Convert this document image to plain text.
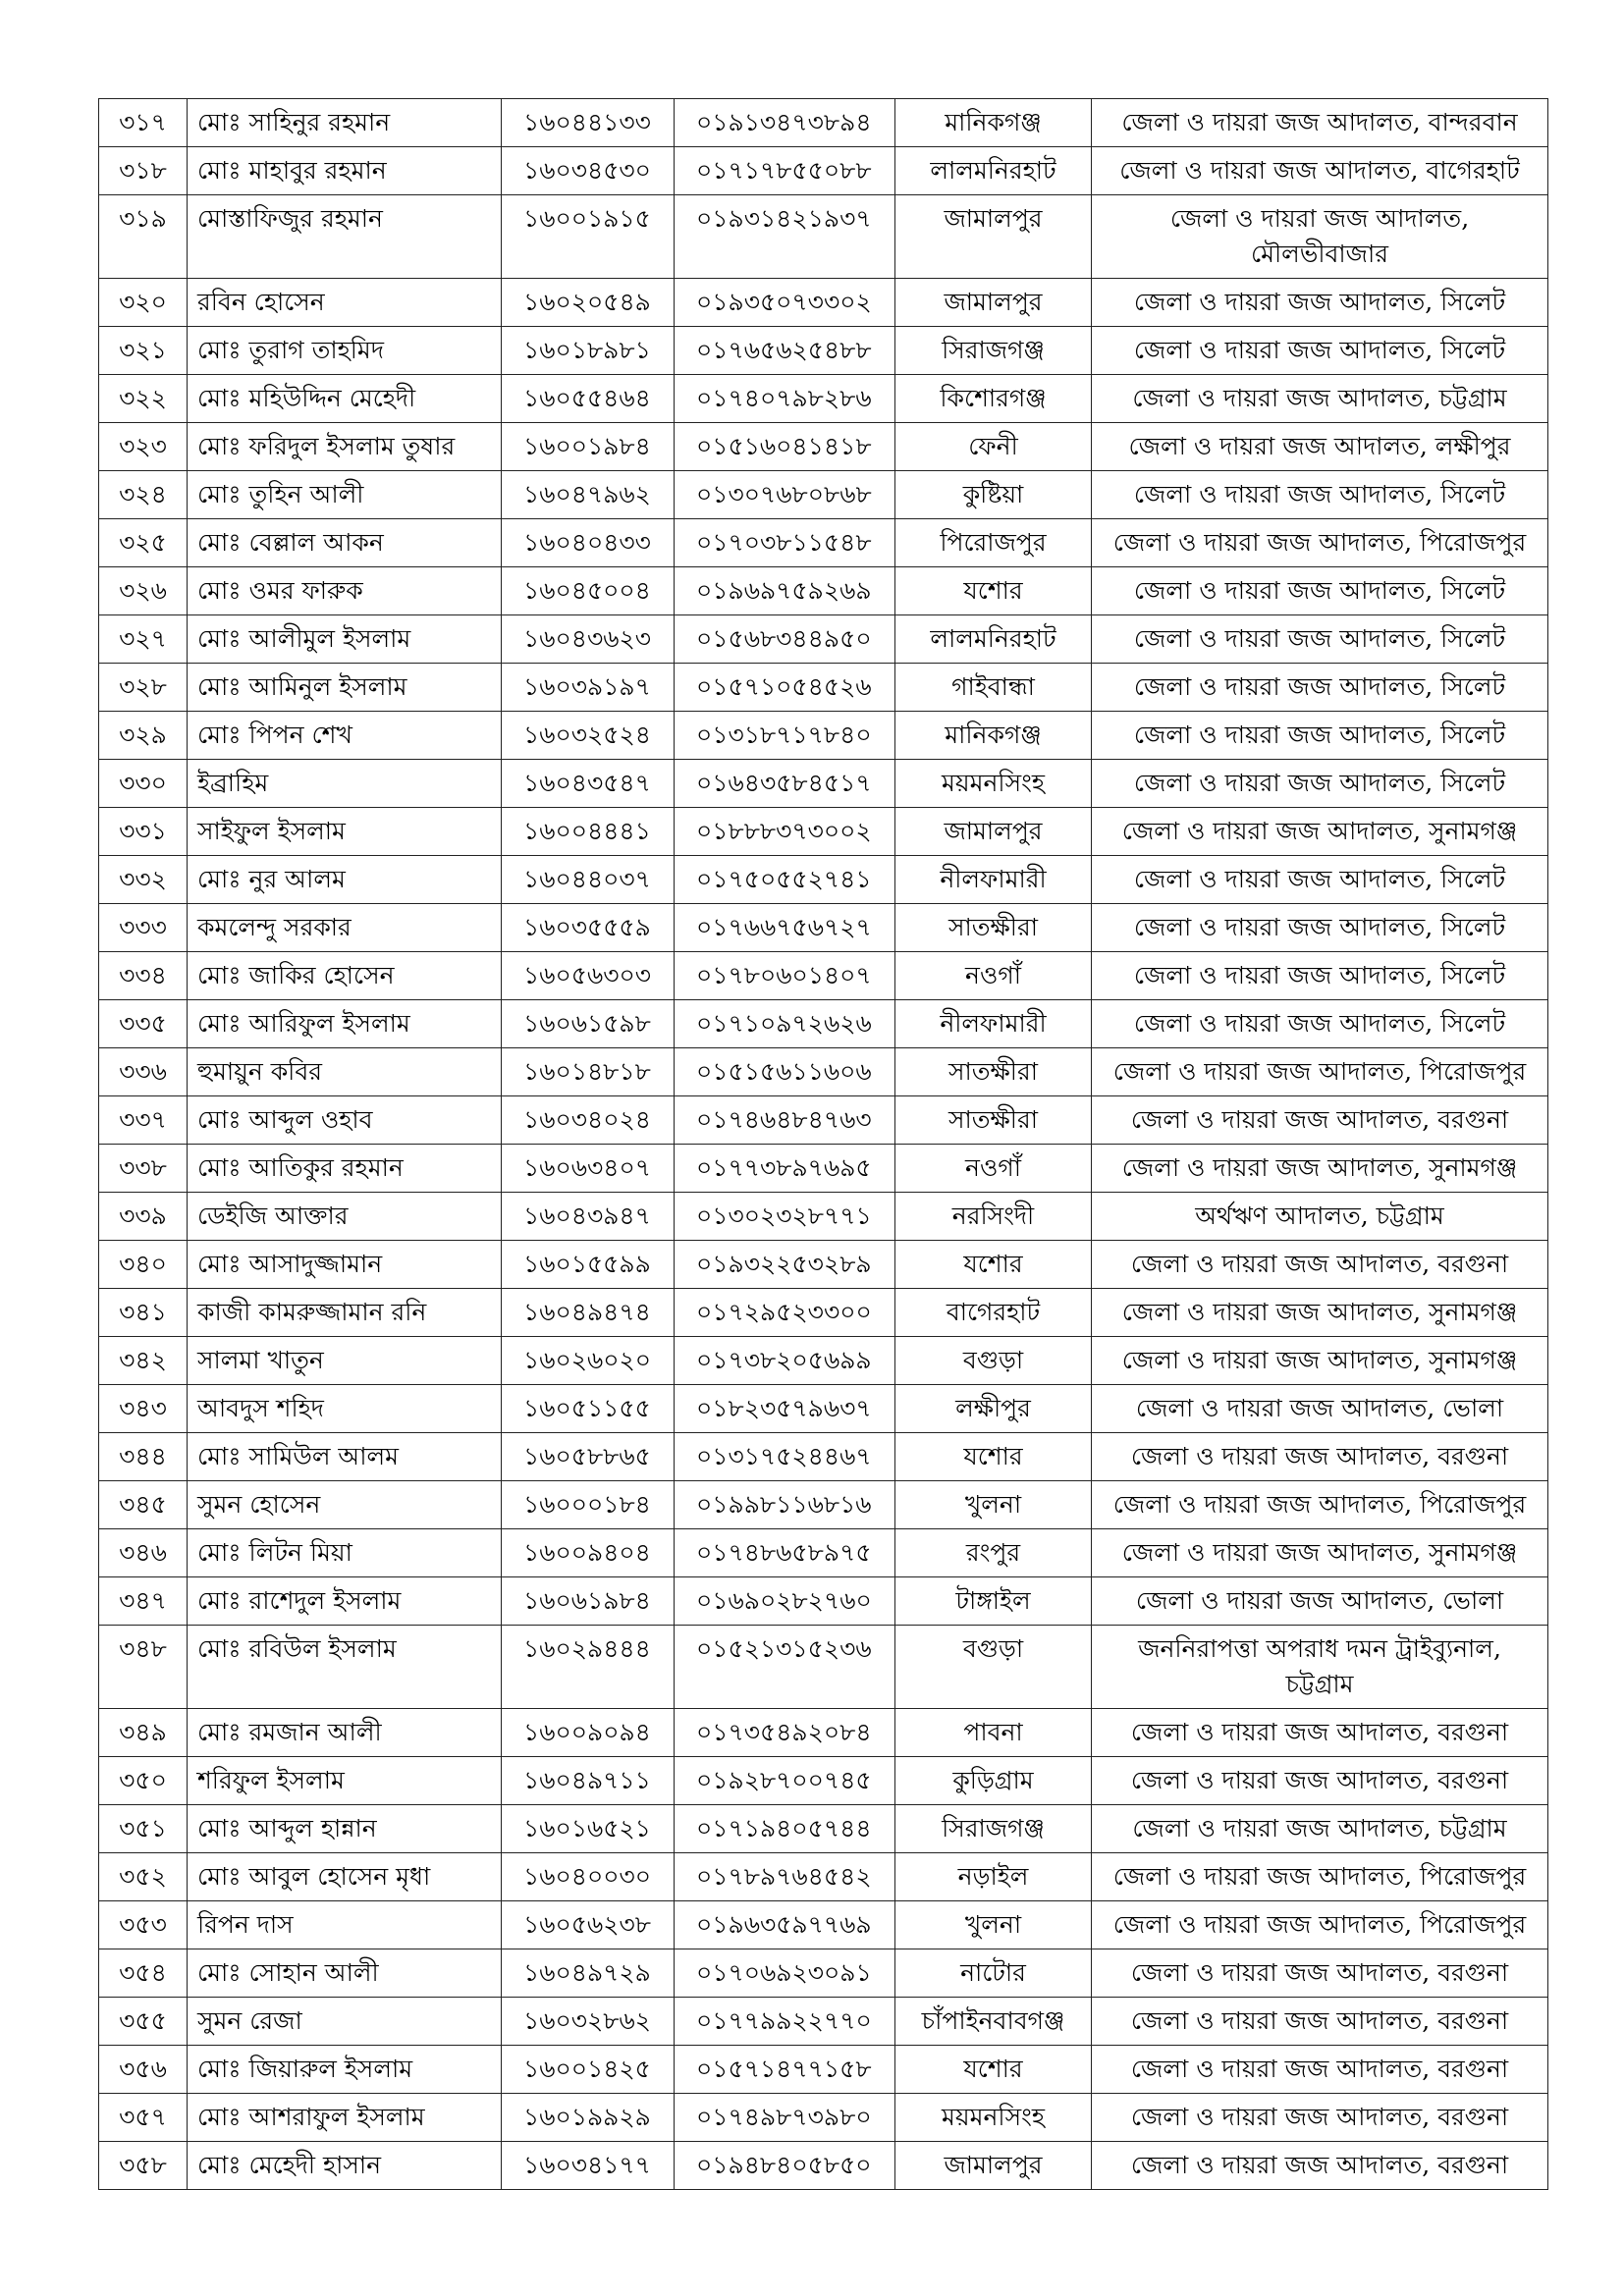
৩১৭	মোঃ সাহিনুর রহমান	১৬০৪৪১৩৩	০১৯১৩৪৭৩৮৯৪	মানিকগঞ্জ	জেলা ও দায়রা জজ আদালত, বান্দরবান
৩১৮	মোঃ মাহাবুর রহমান	১৬০৩৪৫৩০	০১৭১৭৮৫৫০৮৮	লালমনিরহাট	জেলা ও দায়রা জজ আদালত, বাগেরহাট
৩১৯	মোস্তাফিজুর রহমান	১৬০০১৯১৫	০১৯৩১৪২১৯৩৭	জামালপুর	জেলা ও দায়রা জজ আদালত, মৌলভীবাজার
৩২০	রবিন হোসেন	১৬০২০৫৪৯	০১৯৩৫০৭৩৩০২	জামালপুর	জেলা ও দায়রা জজ আদালত, সিলেট
৩২১	মোঃ তুরাগ তাহমিদ	১৬০১৮৯৮১	০১৭৬৫৬২৫৪৮৮	সিরাজগঞ্জ	জেলা ও দায়রা জজ আদালত, সিলেট
৩২২	মোঃ মহিউদ্দিন মেহেদী	১৬০৫৫৪৬৪	০১৭৪০৭৯৮২৮৬	কিশোরগঞ্জ	জেলা ও দায়রা জজ আদালত, চট্টগ্রাম
৩২৩	মোঃ ফরিদুল ইসলাম তুষার	১৬০০১৯৮৪	০১৫১৬০৪১৪১৮	ফেনী	জেলা ও দায়রা জজ আদালত, লক্ষীপুর
৩২৪	মোঃ তুহিন আলী	১৬০৪৭৯৬২	০১৩০৭৬৮০৮৬৮	কুষ্টিয়া	জেলা ও দায়রা জজ আদালত, সিলেট
৩২৫	মোঃ বেল্লাল আকন	১৬০৪০৪৩৩	০১৭০৩৮১১৫৪৮	পিরোজপুর	জেলা ও দায়রা জজ আদালত, পিরোজপুর
৩২৬	মোঃ ওমর ফারুক	১৬০৪৫০০৪	০১৯৬৯৭৫৯২৬৯	যশোর	জেলা ও দায়রা জজ আদালত, সিলেট
৩২৭	মোঃ আলীমুল ইসলাম	১৬০৪৩৬২৩	০১৫৬৮৩৪৪৯৫০	লালমনিরহাট	জেলা ও দায়রা জজ আদালত, সিলেট
৩২৮	মোঃ আমিনুল ইসলাম	১৬০৩৯১৯৭	০১৫৭১০৫৪৫২৬	গাইবান্ধা	জেলা ও দায়রা জজ আদালত, সিলেট
৩২৯	মোঃ পিপন শেখ	১৬০৩২৫২৪	০১৩১৮৭১৭৮৪০	মানিকগঞ্জ	জেলা ও দায়রা জজ আদালত, সিলেট
৩৩০	ইব্রাহিম	১৬০৪৩৫৪৭	০১৬৪৩৫৮৪৫১৭	ময়মনসিংহ	জেলা ও দায়রা জজ আদালত, সিলেট
৩৩১	সাইফুল ইসলাম	১৬০০৪৪৪১	০১৮৮৮৩৭৩০০২	জামালপুর	জেলা ও দায়রা জজ আদালত, সুনামগঞ্জ
৩৩২	মোঃ নুর আলম	১৬০৪৪০৩৭	০১৭৫০৫৫২৭৪১	নীলফামারী	জেলা ও দায়রা জজ আদালত, সিলেট
৩৩৩	কমলেন্দু সরকার	১৬০৩৫৫৫৯	০১৭৬৬৭৫৬৭২৭	সাতক্ষীরা	জেলা ও দায়রা জজ আদালত, সিলেট
৩৩৪	মোঃ জাকির হোসেন	১৬০৫৬৩০৩	০১৭৮০৬০১৪০৭	নওগাঁ	জেলা ও দায়রা জজ আদালত, সিলেট
৩৩৫	মোঃ আরিফুল ইসলাম	১৬০৬১৫৯৮	০১৭১০৯৭২৬২৬	নীলফামারী	জেলা ও দায়রা জজ আদালত, সিলেট
৩৩৬	হুমায়ুন কবির	১৬০১৪৮১৮	০১৫১৫৬১১৬০৬	সাতক্ষীরা	জেলা ও দায়রা জজ আদালত, পিরোজপুর
৩৩৭	মোঃ আব্দুল ওহাব	১৬০৩৪০২৪	০১৭৪৬৪৮৪৭৬৩	সাতক্ষীরা	জেলা ও দায়রা জজ আদালত, বরগুনা
৩৩৮	মোঃ আতিকুর রহমান	১৬০৬৩৪০৭	০১৭৭৩৮৯৭৬৯৫	নওগাঁ	জেলা ও দায়রা জজ আদালত, সুনামগঞ্জ
৩৩৯	ডেইজি আক্তার	১৬০৪৩৯৪৭	০১৩০২৩২৮৭৭১	নরসিংদী	অর্থঋণ আদালত, চট্টগ্রাম
৩৪০	মোঃ আসাদুজ্জামান	১৬০১৫৫৯৯	০১৯৩২২৫৩২৮৯	যশোর	জেলা ও দায়রা জজ আদালত, বরগুনা
৩৪১	কাজী কামরুজ্জামান রনি	১৬০৪৯৪৭৪	০১৭২৯৫২৩৩০০	বাগেরহাট	জেলা ও দায়রা জজ আদালত, সুনামগঞ্জ
৩৪২	সালমা খাতুন	১৬০২৬০২০	০১৭৩৮২০৫৬৯৯	বগুড়া	জেলা ও দায়রা জজ আদালত, সুনামগঞ্জ
৩৪৩	আবদুস শহিদ	১৬০৫১১৫৫	০১৮২৩৫৭৯৬৩৭	লক্ষীপুর	জেলা ও দায়রা জজ আদালত, ভোলা
৩৪৪	মোঃ সামিউল আলম	১৬০৫৮৮৬৫	০১৩১৭৫২৪৪৬৭	যশোর	জেলা ও দায়রা জজ আদালত, বরগুনা
৩৪৫	সুমন হোসেন	১৬০০০১৮৪	০১৯৯৮১১৬৮১৬	খুলনা	জেলা ও দায়রা জজ আদালত, পিরোজপুর
৩৪৬	মোঃ লিটন মিয়া	১৬০০৯৪০৪	০১৭৪৮৬৫৮৯৭৫	রংপুর	জেলা ও দায়রা জজ আদালত, সুনামগঞ্জ
৩৪৭	মোঃ রাশেদুল ইসলাম	১৬০৬১৯৮৪	০১৬৯০২৮২৭৬০	টাঙ্গাইল	জেলা ও দায়রা জজ আদালত, ভোলা
৩৪৮	মোঃ রবিউল ইসলাম	১৬০২৯৪৪৪	০১৫২১৩১৫২৩৬	বগুড়া	জননিরাপত্তা অপরাধ দমন ট্রাইব্যুনাল, চট্টগ্রাম
৩৪৯	মোঃ রমজান আলী	১৬০০৯০৯৪	০১৭৩৫৪৯২০৮৪	পাবনা	জেলা ও দায়রা জজ আদালত, বরগুনা
৩৫০	শরিফুল ইসলাম	১৬০৪৯৭১১	০১৯২৮৭০০৭৪৫	কুড়িগ্রাম	জেলা ও দায়রা জজ আদালত, বরগুনা
৩৫১	মোঃ আব্দুল হান্নান	১৬০১৬৫২১	০১৭১৯৪০৫৭৪৪	সিরাজগঞ্জ	জেলা ও দায়রা জজ আদালত, চট্টগ্রাম
৩৫২	মোঃ আবুল হোসেন মৃধা	১৬০৪০০৩০	০১৭৮৯৭৬৪৫৪২	নড়াইল	জেলা ও দায়রা জজ আদালত, পিরোজপুর
৩৫৩	রিপন দাস	১৬০৫৬২৩৮	০১৯৬৩৫৯৭৭৬৯	খুলনা	জেলা ও দায়রা জজ আদালত, পিরোজপুর
৩৫৪	মোঃ সোহান আলী	১৬০৪৯৭২৯	০১৭০৬৯২৩০৯১	নাটোর	জেলা ও দায়রা জজ আদালত, বরগুনা
৩৫৫	সুমন রেজা	১৬০৩২৮৬২	০১৭৭৯৯২২৭৭০	চাঁপাইনবাবগঞ্জ	জেলা ও দায়রা জজ আদালত, বরগুনা
৩৫৬	মোঃ জিয়ারুল ইসলাম	১৬০০১৪২৫	০১৫৭১৪৭৭১৫৮	যশোর	জেলা ও দায়রা জজ আদালত, বরগুনা
৩৫৭	মোঃ আশরাফুল ইসলাম	১৬০১৯৯২৯	০১৭৪৯৮৭৩৯৮০	ময়মনসিংহ	জেলা ও দায়রা জজ আদালত, বরগুনা
৩৫৮	মোঃ মেহেদী হাসান	১৬০৩৪১৭৭	০১৯৪৮৪০৫৮৫০	জামালপুর	জেলা ও দায়রা জজ আদালত, বরগুনা
